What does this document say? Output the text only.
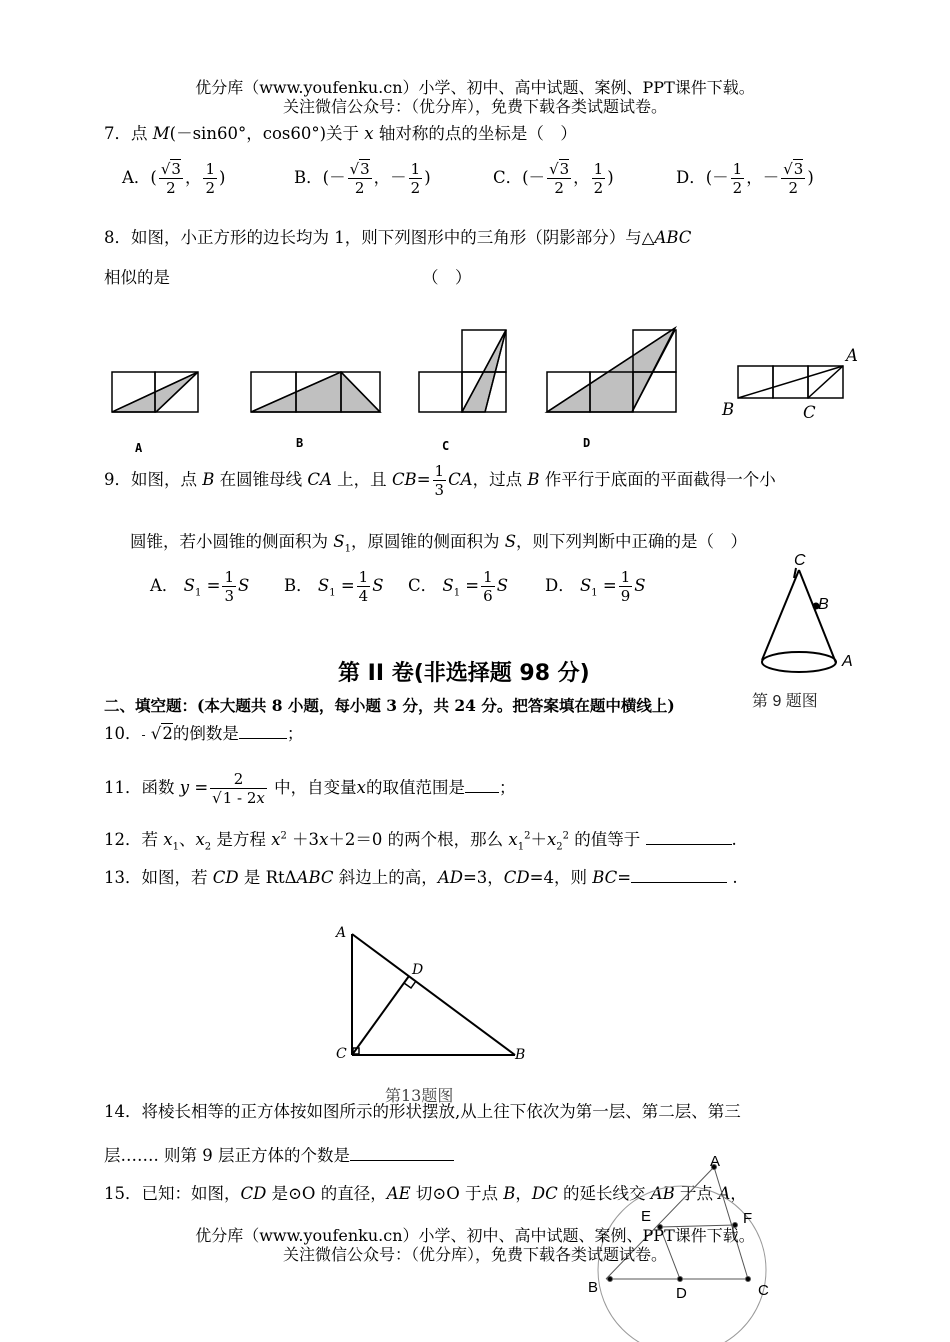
优分库（www.youfenku.cn）小学、初中、高中试题、案例、PPT课件下载。
关注微信公众号：（优分库），免费下载各类试题试卷。
7．点 M(－sin60°，cos60°)关于 x 轴对称的点的坐标是（　）
A．( $\frac{√3}{2}$ ， $\frac{1}{2}$ )	B．(－ $\frac{√3}{2}$ ，－ $\frac{1}{2}$ )	C．(－ $\frac{√3}{2}$ ， $\frac{1}{2}$ )	D．(－ $\frac{1}{2}$ ，－ $\frac{√3}{2}$ )
8．如图，小正方形的边长均为 1，则下列图形中的三角形（阴影部分）与△ABC
相似的是	（　）
A	B	C	D
A
B	C
9．如图，点 B 在圆锥母线 CA 上，且 $CB= \frac{1}{3}$ CA，过点 B 作平行于底面的平面截得一个小
圆锥，若小圆锥的侧面积为 $S_1$，原圆锥的侧面积为 S，则下列判断中正确的是（　）
A． $S_1 = \frac{1}{3}$ S B． $S_1 = \frac{1}{4}$ S C． $S_1 = \frac{1}{6}$ S D． $S_1 = \frac{1}{9}$ S
C
B
A
第 9 题图
第 II 卷(非选择题 98 分)
二、填空题：(本大题共 8 小题，每小题 3 分，共 24 分。把答案填在题中横线上)
10．- √2的倒数是	；
11．函数 $y = \frac{2}{√1 - 2x}$ 中，自变量x的取值范围是 ；
12．若 $x_1$、$x_2$ 是方程 $x^2 +3x+2=0$ 的两个根，那么 $x_1^2+x_2^2$ 的值等于	.
13．如图，若 CD 是 RtΔABC 斜边上的高，AD=3，CD=4，则 BC=	.
A
D
C	B
第13题图
14．将棱长相等的正方体按如图所示的形状摆放,从上往下依次为第一层、第二层、第三
层……. 则第 9 层正方体的个数是
15．已知：如图，CD 是⊙O 的直径，AE 切⊙O 于点 B，DC 的延长线交 AB 于点 A，
A
E	F
B	D	C
优分库（www.youfenku.cn）小学、初中、高中试题、案例、PPT课件下载。
关注微信公众号：（优分库），免费下载各类试题试卷。
